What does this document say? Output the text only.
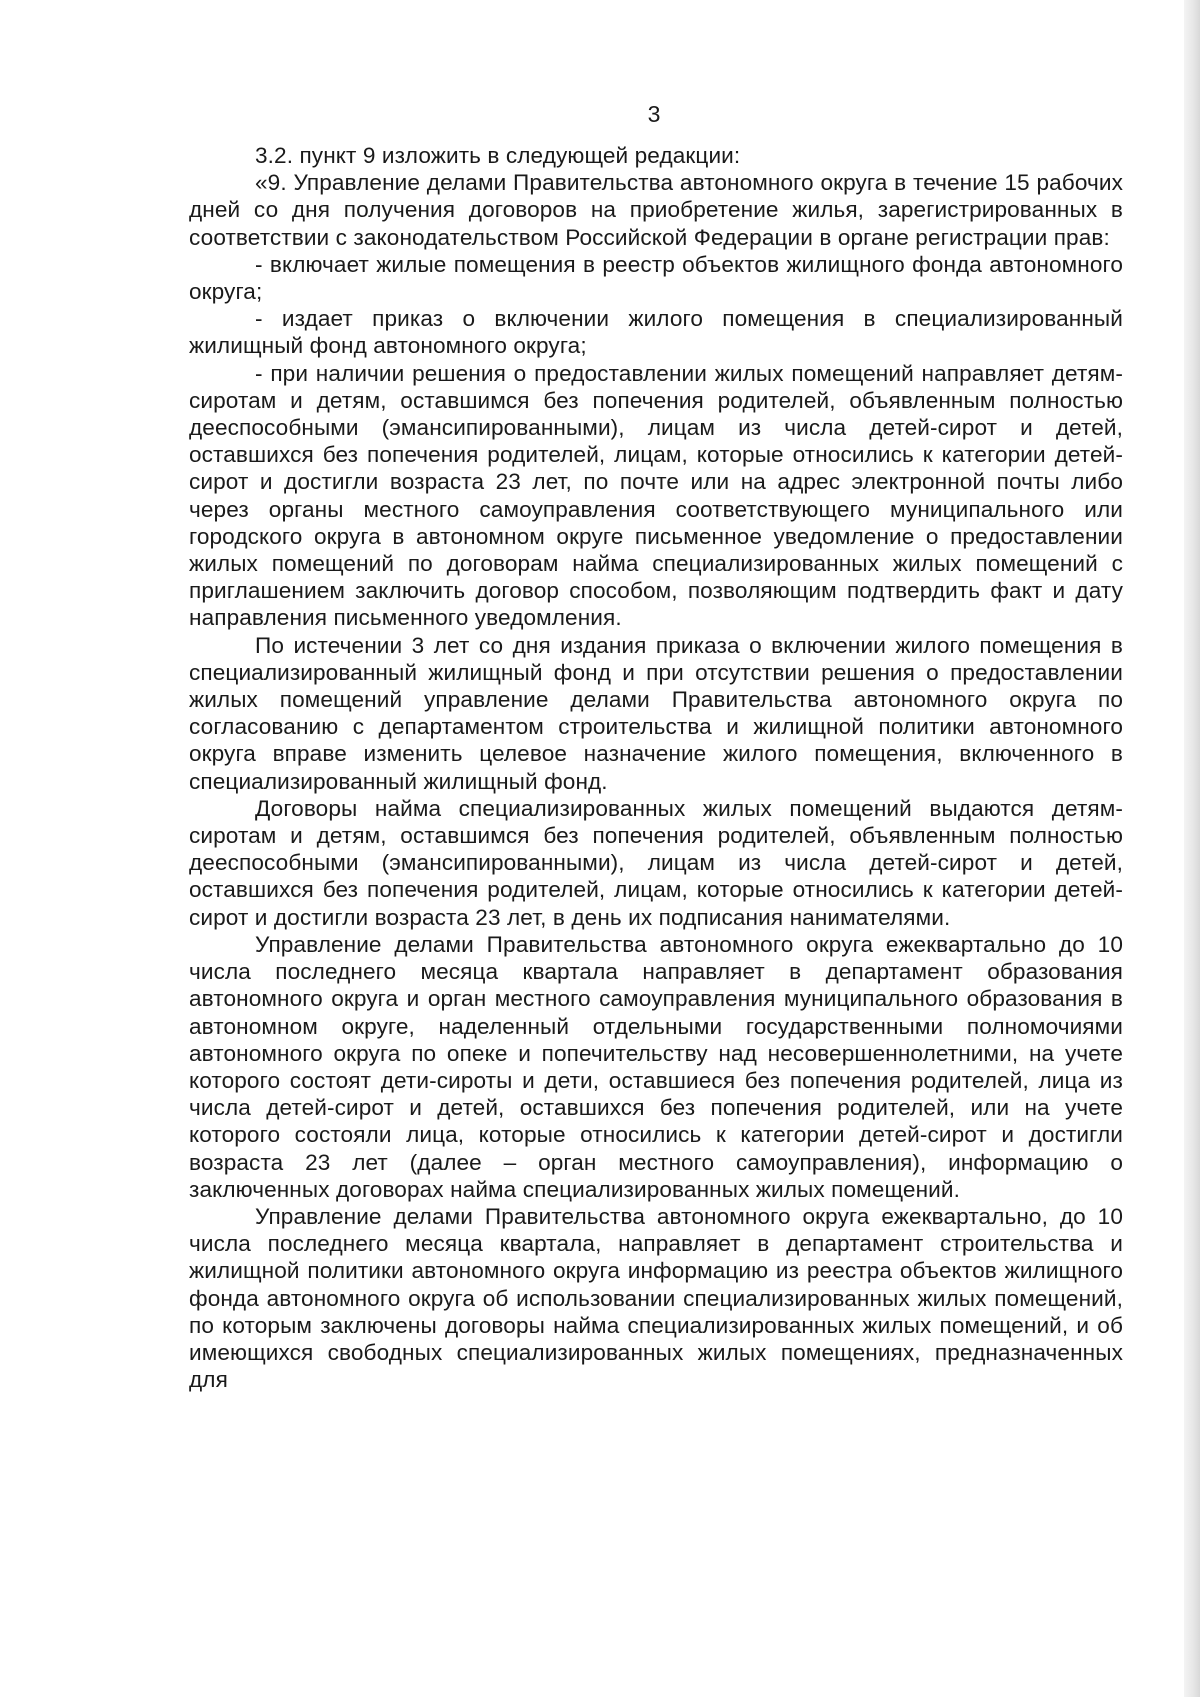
3

3.2. пункт 9 изложить в следующей редакции:

«9. Управление делами Правительства автономного округа в течение 15 рабочих дней со дня получения договоров на приобретение жилья, зарегистрированных в соответствии с законодательством Российской Федерации в органе регистрации прав:

- включает жилые помещения в реестр объектов жилищного фонда автономного округа;

- издает приказ о включении жилого помещения в специализированный жилищный фонд автономного округа;

- при наличии решения о предоставлении жилых помещений направляет детям-сиротам и детям, оставшимся без попечения родителей, объявленным полностью дееспособными (эмансипированными), лицам из числа детей-сирот и детей, оставшихся без попечения родителей, лицам, которые относились к категории детей-сирот и достигли возраста 23 лет, по почте или на адрес электронной почты либо через органы местного самоуправления соответствующего муниципального или городского округа в автономном округе письменное уведомление о предоставлении жилых помещений по договорам найма специализированных жилых помещений с приглашением заключить договор способом, позволяющим подтвердить факт и дату направления письменного уведомления.

По истечении 3 лет со дня издания приказа о включении жилого помещения в специализированный жилищный фонд и при отсутствии решения о предоставлении жилых помещений управление делами Правительства автономного округа по согласованию с департаментом строительства и жилищной политики автономного округа вправе изменить целевое назначение жилого помещения, включенного в специализированный жилищный фонд.

Договоры найма специализированных жилых помещений выдаются детям-сиротам и детям, оставшимся без попечения родителей, объявленным полностью дееспособными (эмансипированными), лицам из числа детей-сирот и детей, оставшихся без попечения родителей, лицам, которые относились к категории детей-сирот и достигли возраста 23 лет, в день их подписания нанимателями.

Управление делами Правительства автономного округа ежеквартально до 10 числа последнего месяца квартала направляет в департамент образования автономного округа и орган местного самоуправления муниципального образования в автономном округе, наделенный отдельными государственными полномочиями автономного округа по опеке и попечительству над несовершеннолетними, на учете которого состоят дети-сироты и дети, оставшиеся без попечения родителей, лица из числа детей-сирот и детей, оставшихся без попечения родителей, или на учете которого состояли лица, которые относились к категории детей-сирот и достигли возраста 23 лет (далее – орган местного самоуправления), информацию о заключенных договорах найма специализированных жилых помещений.

Управление делами Правительства автономного округа ежеквартально, до 10 числа последнего месяца квартала, направляет в департамент строительства и жилищной политики автономного округа информацию из реестра объектов жилищного фонда автономного округа об использовании специализированных жилых помещений, по которым заключены договоры найма специализированных жилых помещений, и об имеющихся свободных специализированных жилых помещениях, предназначенных для
